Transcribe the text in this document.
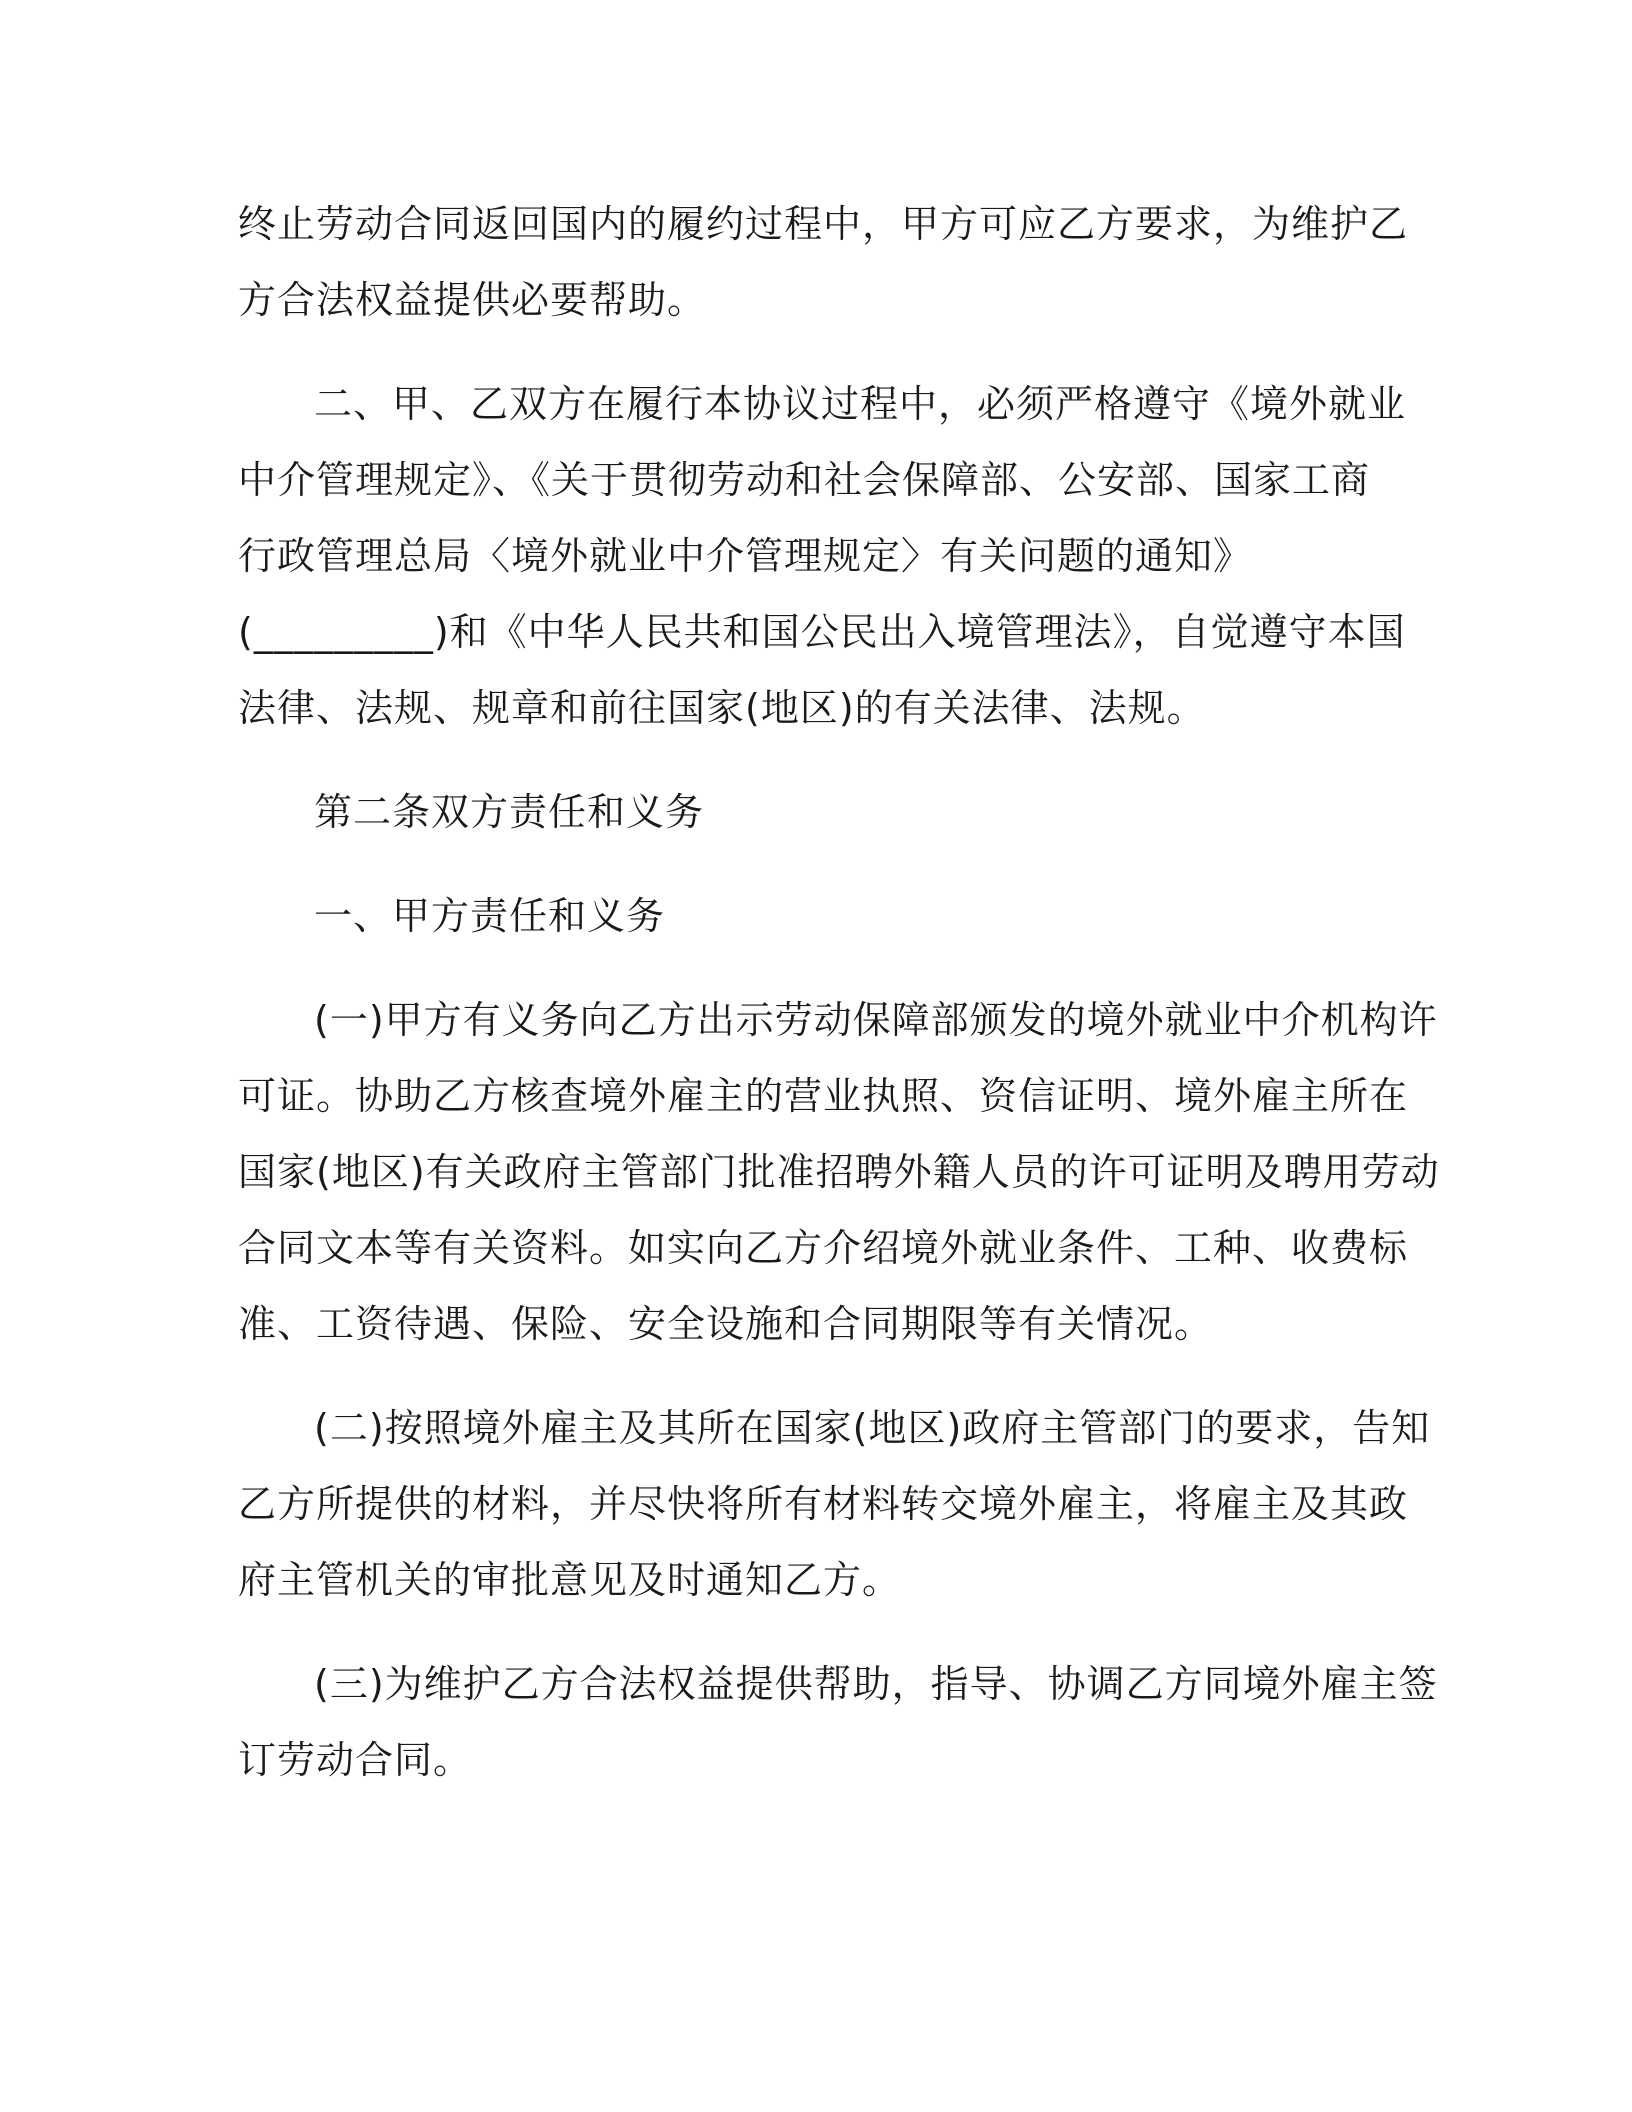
终止劳动合同返回国内的履约过程中，甲方可应乙方要求，为维护乙
方合法权益提供必要帮助。

二、甲、乙双方在履行本协议过程中，必须严格遵守《境外就业
中介管理规定》、《关于贯彻劳动和社会保障部、公安部、国家工商
行政管理总局〈境外就业中介管理规定〉有关问题的通知》
(_________)和《中华人民共和国公民出入境管理法》，自觉遵守本国
法律、法规、规章和前往国家(地区)的有关法律、法规。

第二条双方责任和义务

一、甲方责任和义务

(一)甲方有义务向乙方出示劳动保障部颁发的境外就业中介机构许
可证。协助乙方核查境外雇主的营业执照、资信证明、境外雇主所在
国家(地区)有关政府主管部门批准招聘外籍人员的许可证明及聘用劳动
合同文本等有关资料。如实向乙方介绍境外就业条件、工种、收费标
准、工资待遇、保险、安全设施和合同期限等有关情况。

(二)按照境外雇主及其所在国家(地区)政府主管部门的要求，告知
乙方所提供的材料，并尽快将所有材料转交境外雇主，将雇主及其政
府主管机关的审批意见及时通知乙方。

(三)为维护乙方合法权益提供帮助，指导、协调乙方同境外雇主签
订劳动合同。
